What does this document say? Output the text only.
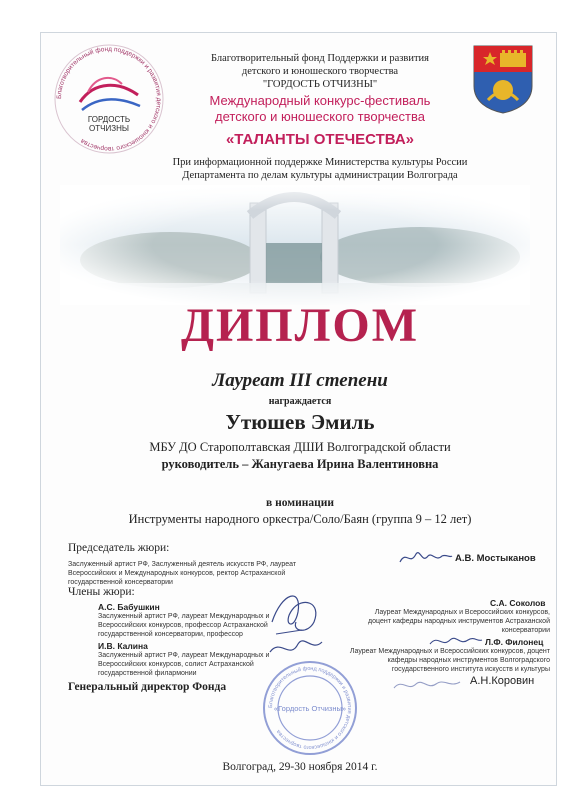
Благотворительный фонд поддержки и развития детского и юношеского творчества
ГОРДОСТЬ
ОТЧИЗНЫ
Благотворительный фонд Поддержки и развития
детского и юношеского творчества
"ГОРДОСТЬ ОТЧИЗНЫ"
Международный конкурс-фестиваль
детского и юношеского творчества
«ТАЛАНТЫ ОТЕЧЕСТВА»
При информационной поддержке Министерства культуры России
Департамента по делам культуры администрации Волгограда
ДИПЛОМ
Лауреат III степени
награждается
Утюшев Эмиль
МБУ ДО Старополтавская ДШИ Волгоградской области
руководитель – Жанугаева Ирина Валентиновна
в номинации
Инструменты народного оркестра/Соло/Баян (группа 9 – 12 лет)
Председатель жюри:
Заслуженный артист РФ, Заслуженный деятель искусств РФ, лауреат Всероссийских и Международных конкурсов, ректор Астраханской государственной консерватории
А.В. Мостыканов
Члены жюри:
А.С. Бабушкин
Заслуженный артист РФ, лауреат Международных и Всероссийских конкурсов, профессор Астраханской государственной консерватории, профессор
И.В. Калина
Заслуженный артист РФ, лауреат Международных и Всероссийских конкурсов, солист Астраханской государственной филармонии
С.А. Соколов
Лауреат Международных и Всероссийских конкурсов, доцент кафедры народных инструментов Астраханской консерватории
Л.Ф. Филонец
Лауреат Международных и Всероссийских конкурсов, доцент кафедры народных инструментов Волгоградского государственного института искусств и культуры
Благотворительный фонд поддержки и развития детского и юношеского творчества
«Гордость Отчизны»
Генеральный директор Фонда	А.Н.Коровин
Волгоград, 29-30 ноября 2014 г.
